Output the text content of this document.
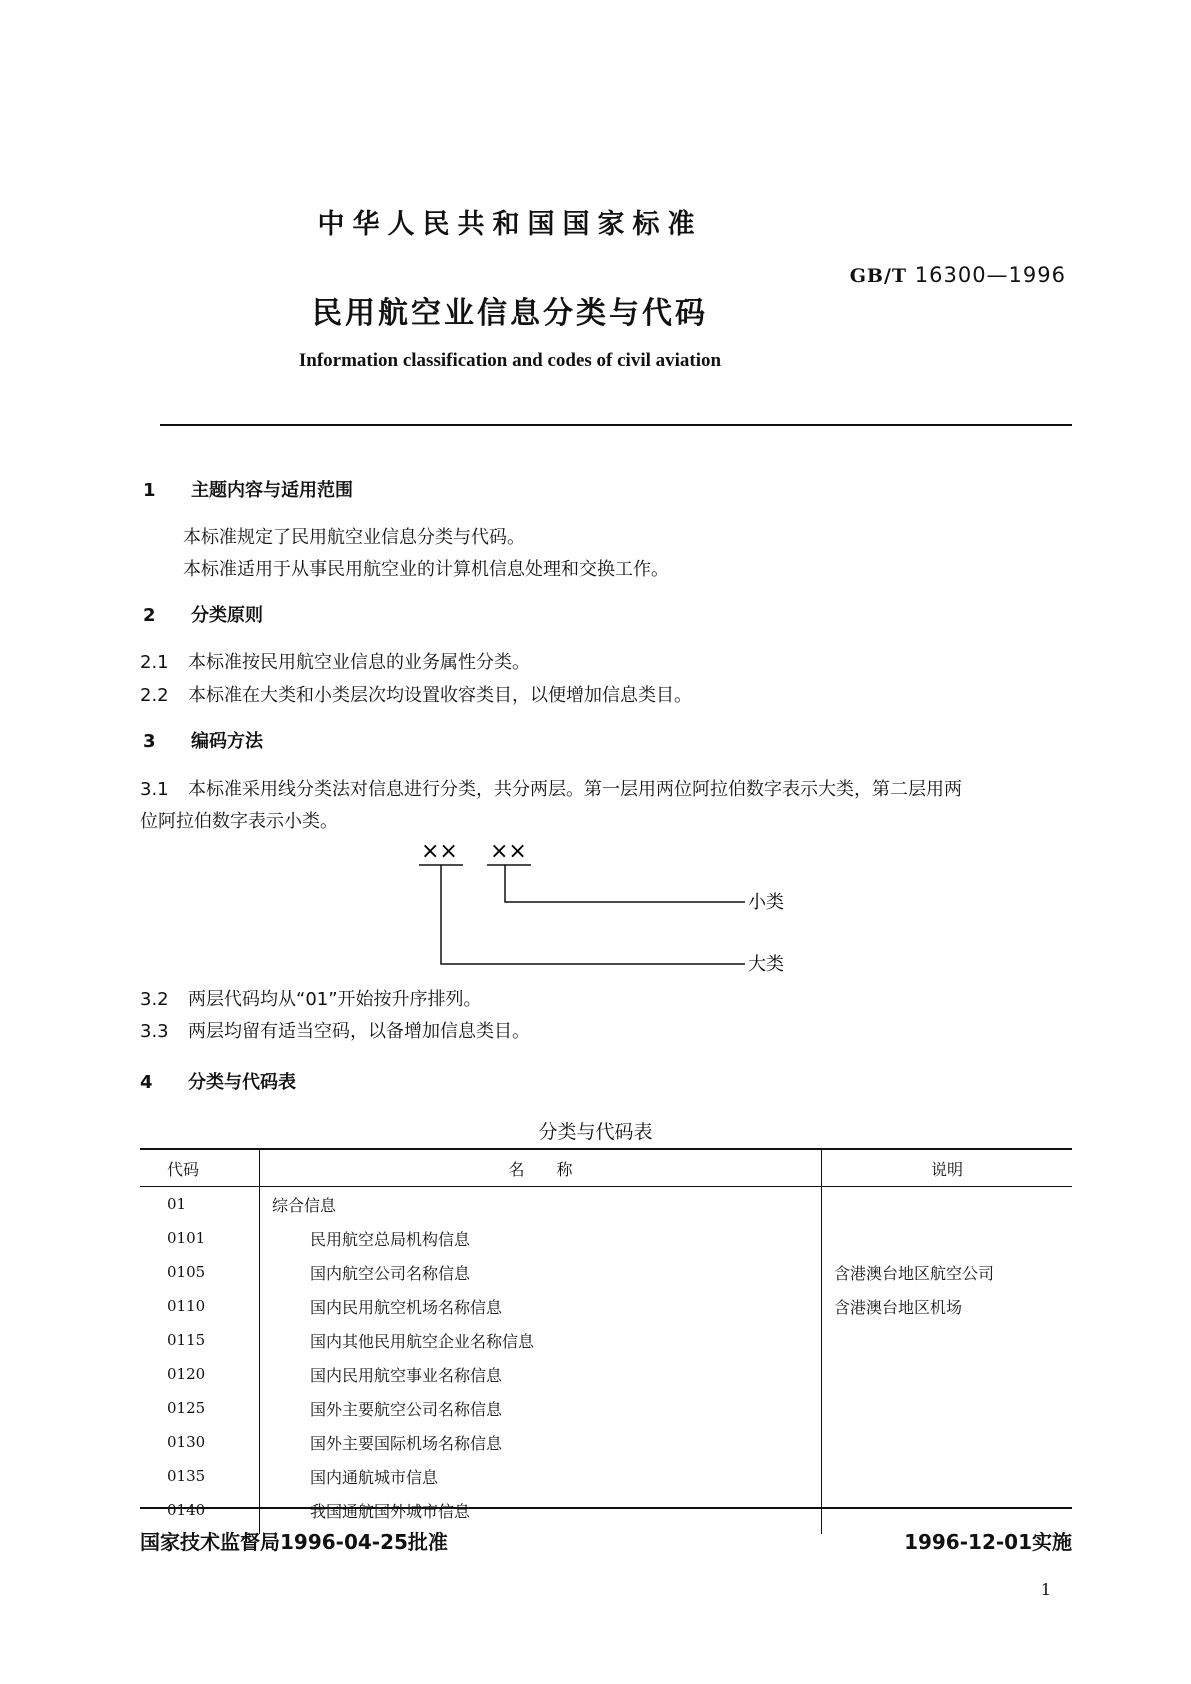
中华人民共和国国家标准
GB/T 16300—1996
民用航空业信息分类与代码
Information classification and codes of civil aviation
1 主题内容与适用范围
本标准规定了民用航空业信息分类与代码。
本标准适用于从事民用航空业的计算机信息处理和交换工作。
2 分类原则
2.1 本标准按民用航空业信息的业务属性分类。
2.2 本标准在大类和小类层次均设置收容类目，以便增加信息类目。
3 编码方法
3.1 本标准采用线分类法对信息进行分类，共分两层。第一层用两位阿拉伯数字表示大类，第二层用两
位阿拉伯数字表示小类。
×× ××
小类
大类
3.2 两层代码均从“01”开始按升序排列。
3.3 两层均留有适当空码，以备增加信息类目。
4 分类与代码表
分类与代码表
代码	名　　称	说明
01	综合信息	
0101	民用航空总局机构信息	
0105	国内航空公司名称信息	含港澳台地区航空公司
0110	国内民用航空机场名称信息	含港澳台地区机场
0115	国内其他民用航空企业名称信息	
0120	国内民用航空事业名称信息	
0125	国外主要航空公司名称信息	
0130	国外主要国际机场名称信息	
0135	国内通航城市信息	
0140	我国通航国外城市信息	
国家技术监督局1996-04-25批准	1996-12-01实施
1
